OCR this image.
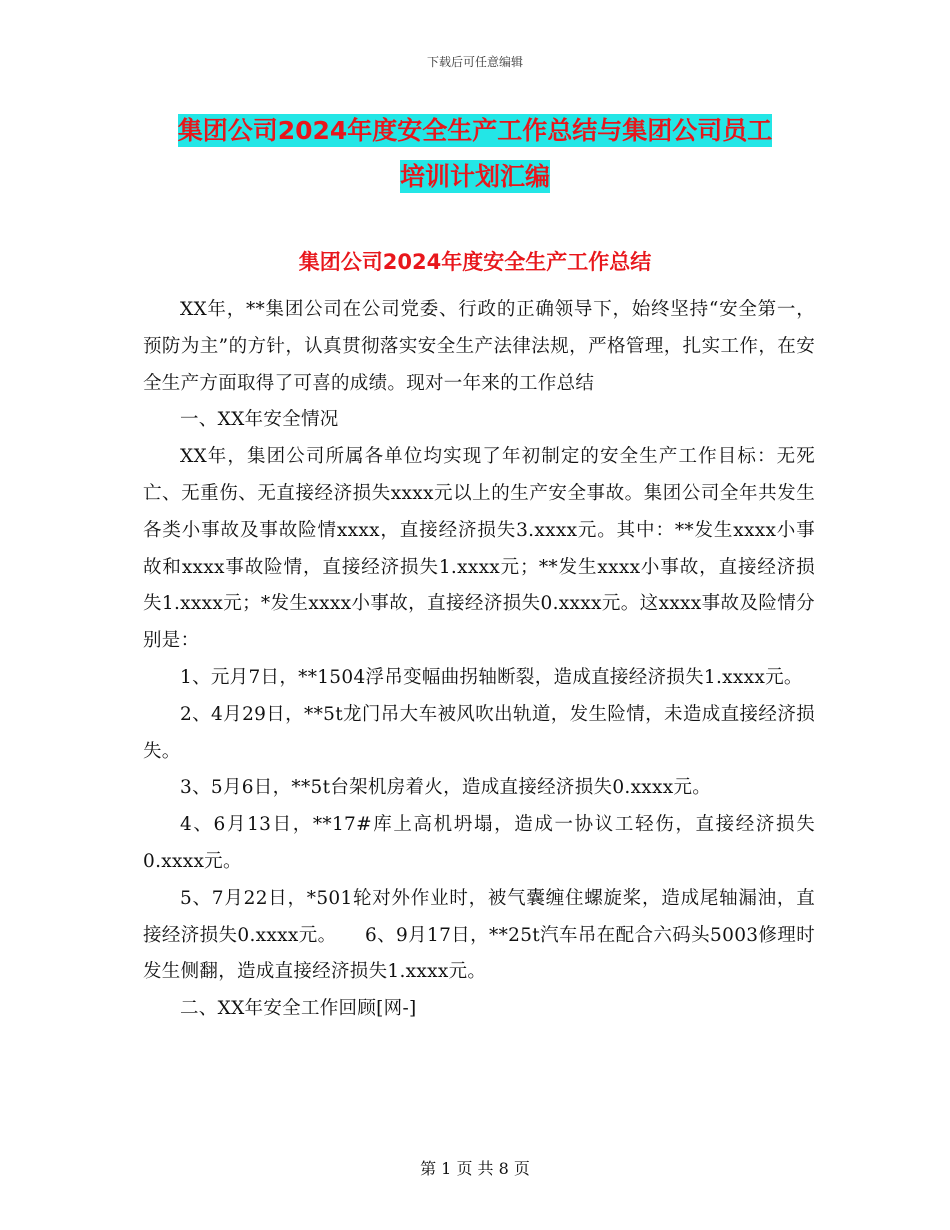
下载后可任意编辑
集团公司2024年度安全生产工作总结与集团公司员工
培训计划汇编
集团公司2024年度安全生产工作总结

XX年，**集团公司在公司党委、行政的正确领导下，始终坚持“安全第一，预防为主”的方针，认真贯彻落实安全生产法律法规，严格管理，扎实工作，在安全生产方面取得了可喜的成绩。现对一年来的工作总结

一、XX年安全情况

XX年，集团公司所属各单位均实现了年初制定的安全生产工作目标：无死亡、无重伤、无直接经济损失xxxx元以上的生产安全事故。集团公司全年共发生各类小事故及事故险情xxxx，直接经济损失3.xxxx元。其中：**发生xxxx小事故和xxxx事故险情，直接经济损失1.xxxx元；**发生xxxx小事故，直接经济损失1.xxxx元；*发生xxxx小事故，直接经济损失0.xxxx元。这xxxx事故及险情分别是：

1、元月7日，**1504浮吊变幅曲拐轴断裂，造成直接经济损失1.xxxx元。

2、4月29日，**5t龙门吊大车被风吹出轨道，发生险情，未造成直接经济损失。

3、5月6日，**5t台架机房着火，造成直接经济损失0.xxxx元。

4、6月13日，**17#库上高机坍塌，造成一协议工轻伤，直接经济损失0.xxxx元。

5、7月22日，*501轮对外作业时，被气囊缠住螺旋桨，造成尾轴漏油，直接经济损失0.xxxx元。　　6、9月17日，**25t汽车吊在配合六码头5003修理时发生侧翻，造成直接经济损失1.xxxx元。

二、XX年安全工作回顾[网-]

第 1 页 共 8 页
